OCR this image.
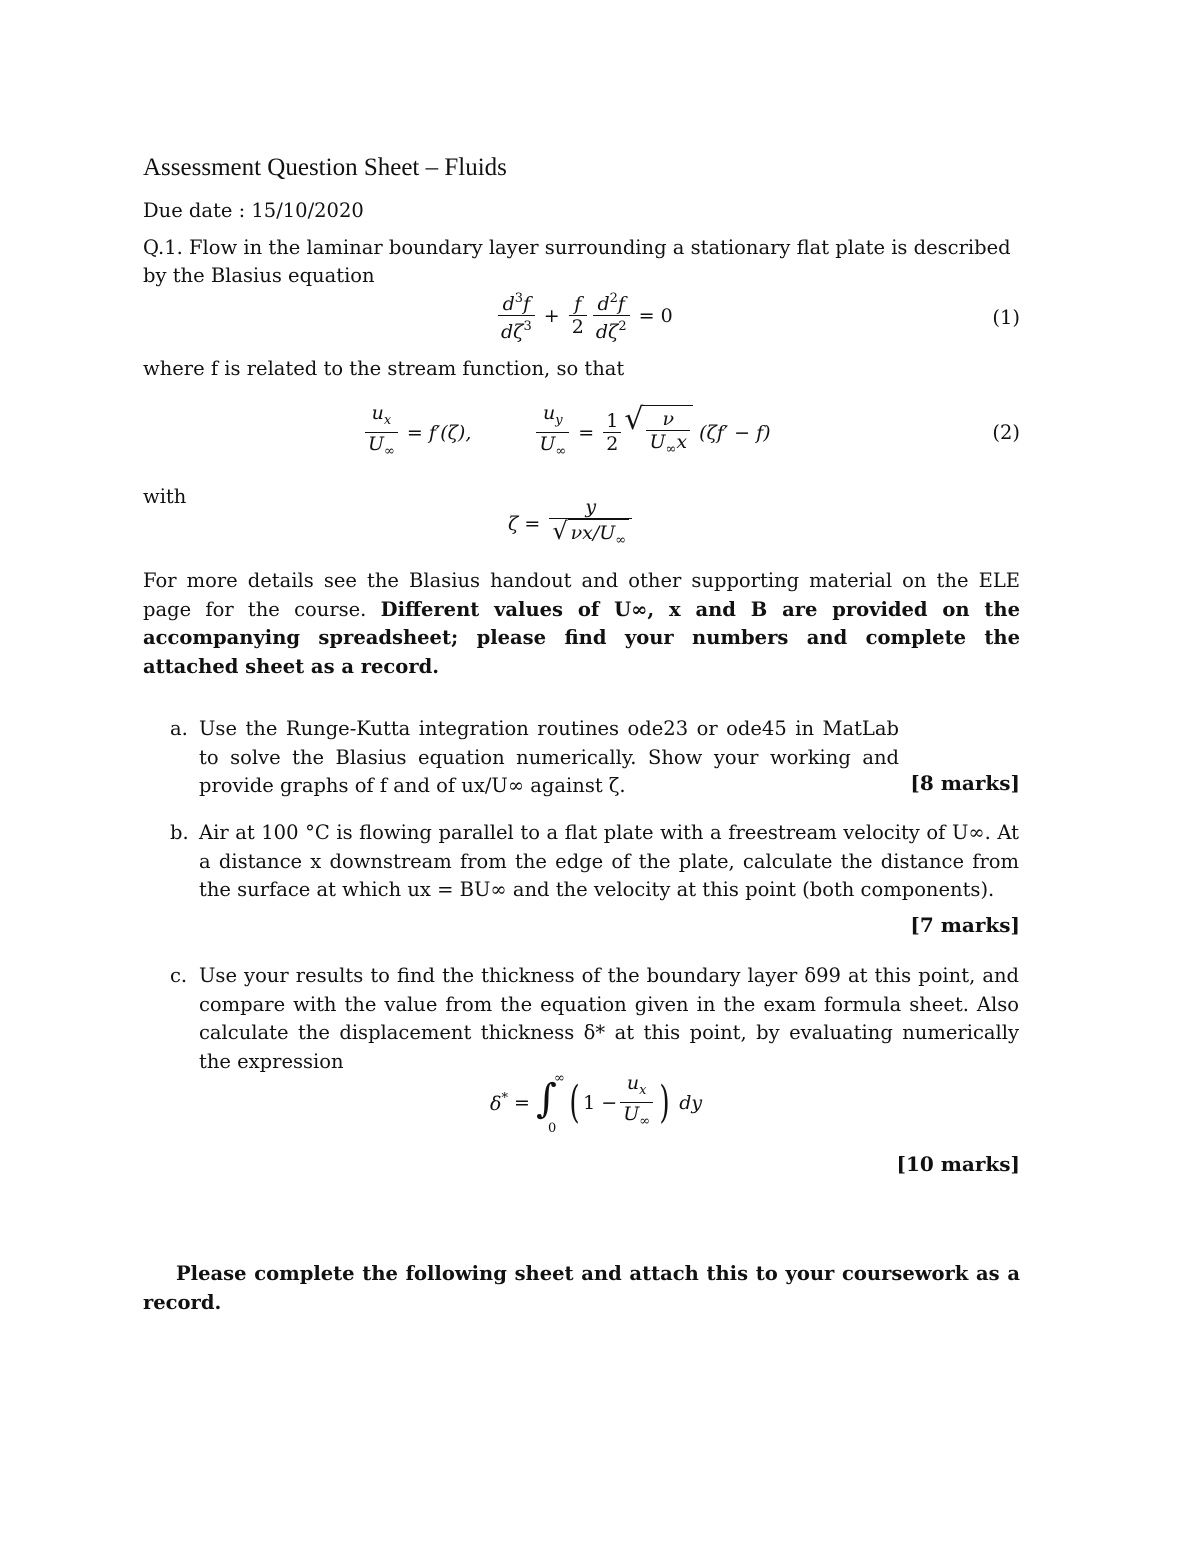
Assessment Question Sheet – Fluids
Due date : 15/10/2020
Q.1. Flow in the laminar boundary layer surrounding a stationary flat plate is described
by the Blasius equation
$\frac{d^3f}{d\zeta^3} + \frac{f}{2} \frac{d^2f}{d\zeta^2} = 0$	(1)
where f is related to the stream function, so that
$\frac{u_x}{U_\infty} = f'(\zeta)$,	$\frac{u_y}{U_\infty} = \frac{1}{2}$ √ $\frac{\nu}{U_\infty x} (\zeta f' - f)$	(2)
with
$\zeta = \frac{y}{√ \nu x/U_\infty}$
For more details see the Blasius handout and other supporting material on the ELE page for the course. Different values of U∞, x and B are provided on the accompanying spreadsheet; please find your numbers and complete the attached sheet as a record.
a. Use the Runge-Kutta integration routines ode23 or ode45 in MatLab to solve the Blasius equation numerically. Show your working and provide graphs of f and of ux/U∞ against ζ.	[8 marks]
b. Air at 100 °C is flowing parallel to a flat plate with a freestream velocity of U∞. At a distance x downstream from the edge of the plate, calculate the distance from the surface at which ux = BU∞ and the velocity at this point (both components).
[7 marks]
c. Use your results to find the thickness of the boundary layer δ99 at this point, and compare with the value from the equation given in the exam formula sheet. Also calculate the displacement thickness δ* at this point, by evaluating numerically the expression
δ* = ∫
∞
0
( $1 - \frac{u_x}{U_\infty}$ ) dy
[10 marks]
Please complete the following sheet and attach this to your coursework as a record.
